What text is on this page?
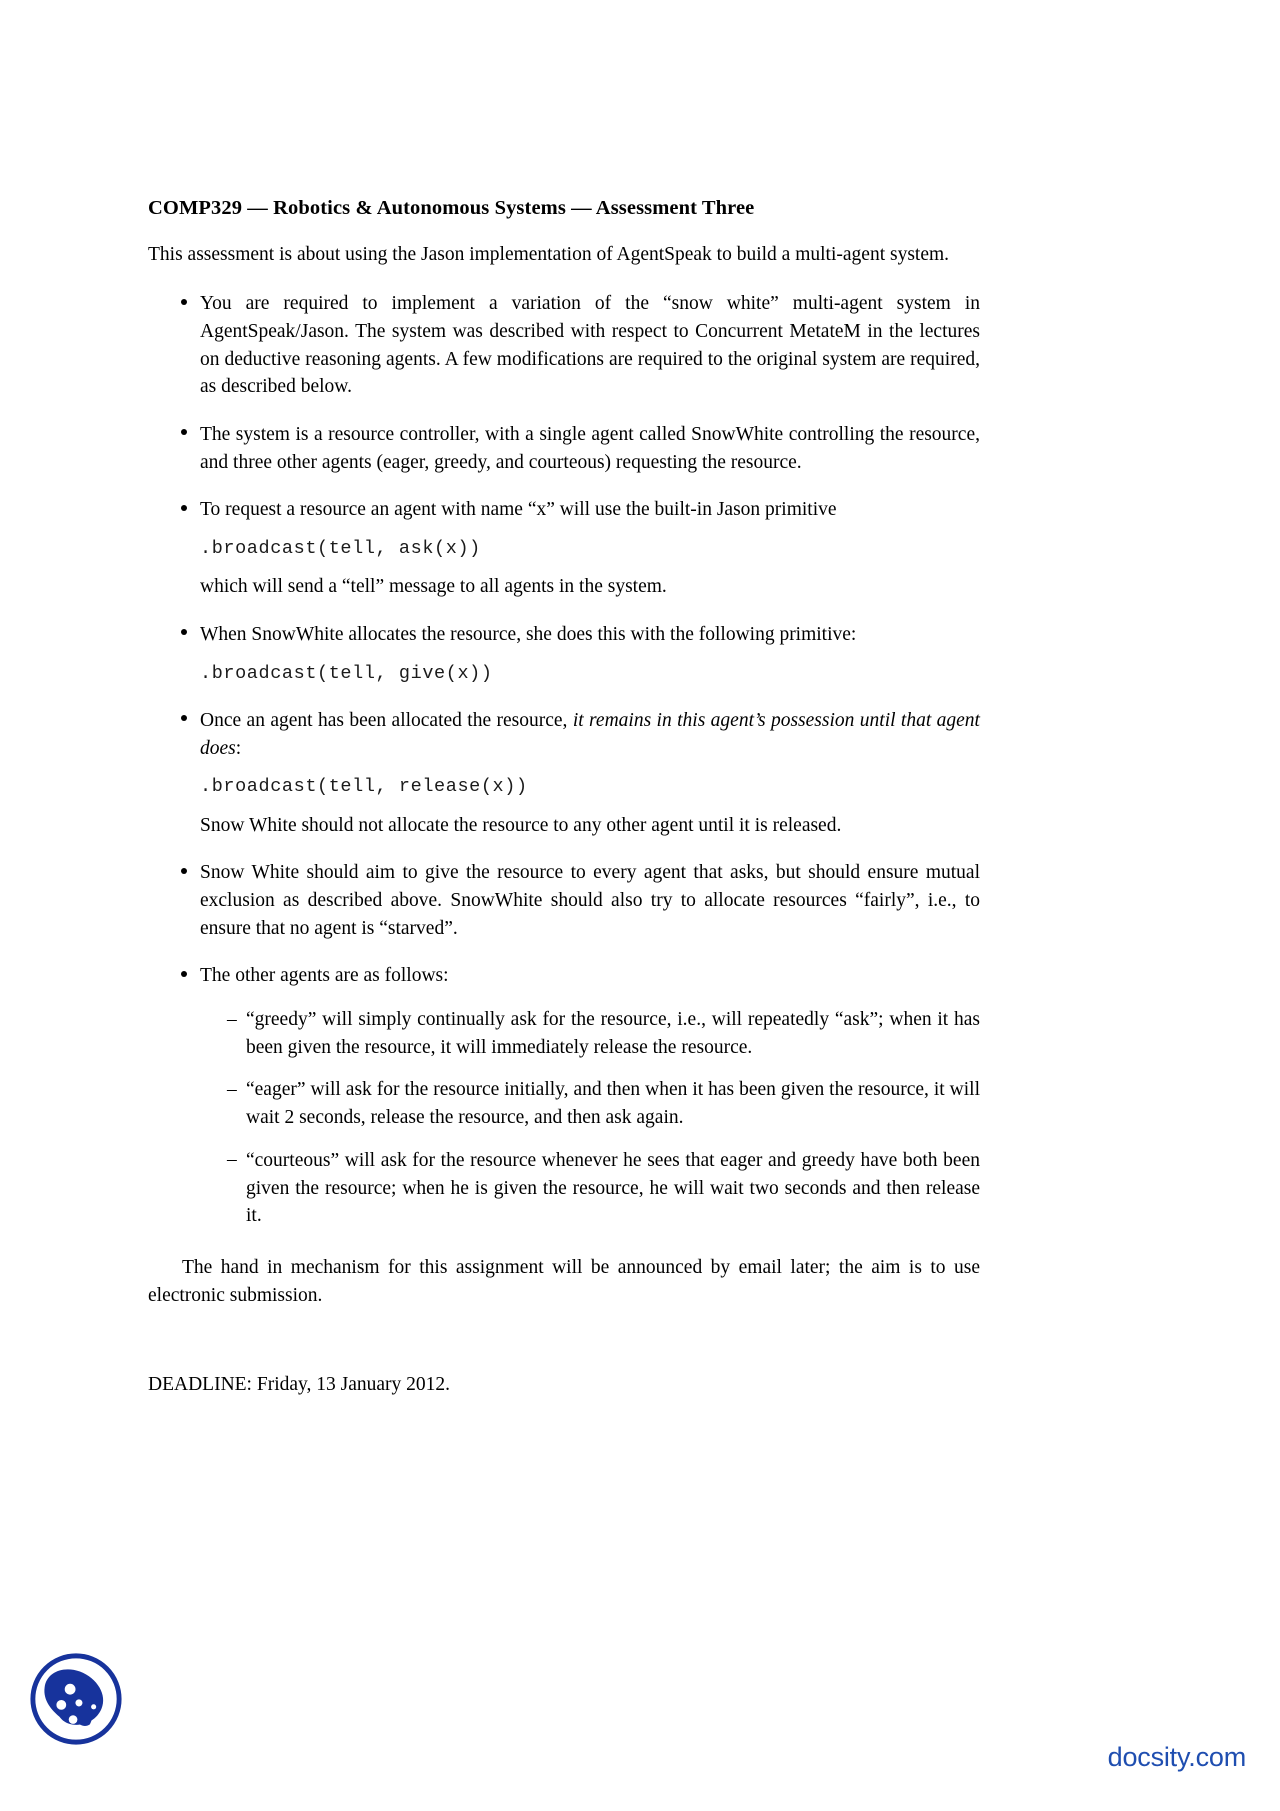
COMP329 — Robotics & Autonomous Systems — Assessment Three

This assessment is about using the Jason implementation of AgentSpeak to build a multi-agent system.

You are required to implement a variation of the “snow white” multi-agent system in AgentSpeak/Jason. The system was described with respect to Concurrent MetateM in the lectures on deductive reasoning agents. A few modifications are required to the original system are required, as described below.
The system is a resource controller, with a single agent called SnowWhite controlling the resource, and three other agents (eager, greedy, and courteous) requesting the resource.
To request a resource an agent with name “x” will use the built-in Jason primitive
.broadcast(tell, ask(x))
which will send a “tell” message to all agents in the system.
When SnowWhite allocates the resource, she does this with the following primitive:
.broadcast(tell, give(x))
Once an agent has been allocated the resource, it remains in this agent’s possession until that agent does:
.broadcast(tell, release(x))
Snow White should not allocate the resource to any other agent until it is released.
Snow White should aim to give the resource to every agent that asks, but should ensure mutual exclusion as described above. SnowWhite should also try to allocate resources “fairly”, i.e., to ensure that no agent is “starved”.
The other agents are as follows:
– “greedy” will simply continually ask for the resource, i.e., will repeatedly “ask”; when it has been given the resource, it will immediately release the resource.
– “eager” will ask for the resource initially, and then when it has been given the resource, it will wait 2 seconds, release the resource, and then ask again.
– “courteous” will ask for the resource whenever he sees that eager and greedy have both been given the resource; when he is given the resource, he will wait two seconds and then release it.

The hand in mechanism for this assignment will be announced by email later; the aim is to use electronic submission.

DEADLINE: Friday, 13 January 2012.

docsity.com
